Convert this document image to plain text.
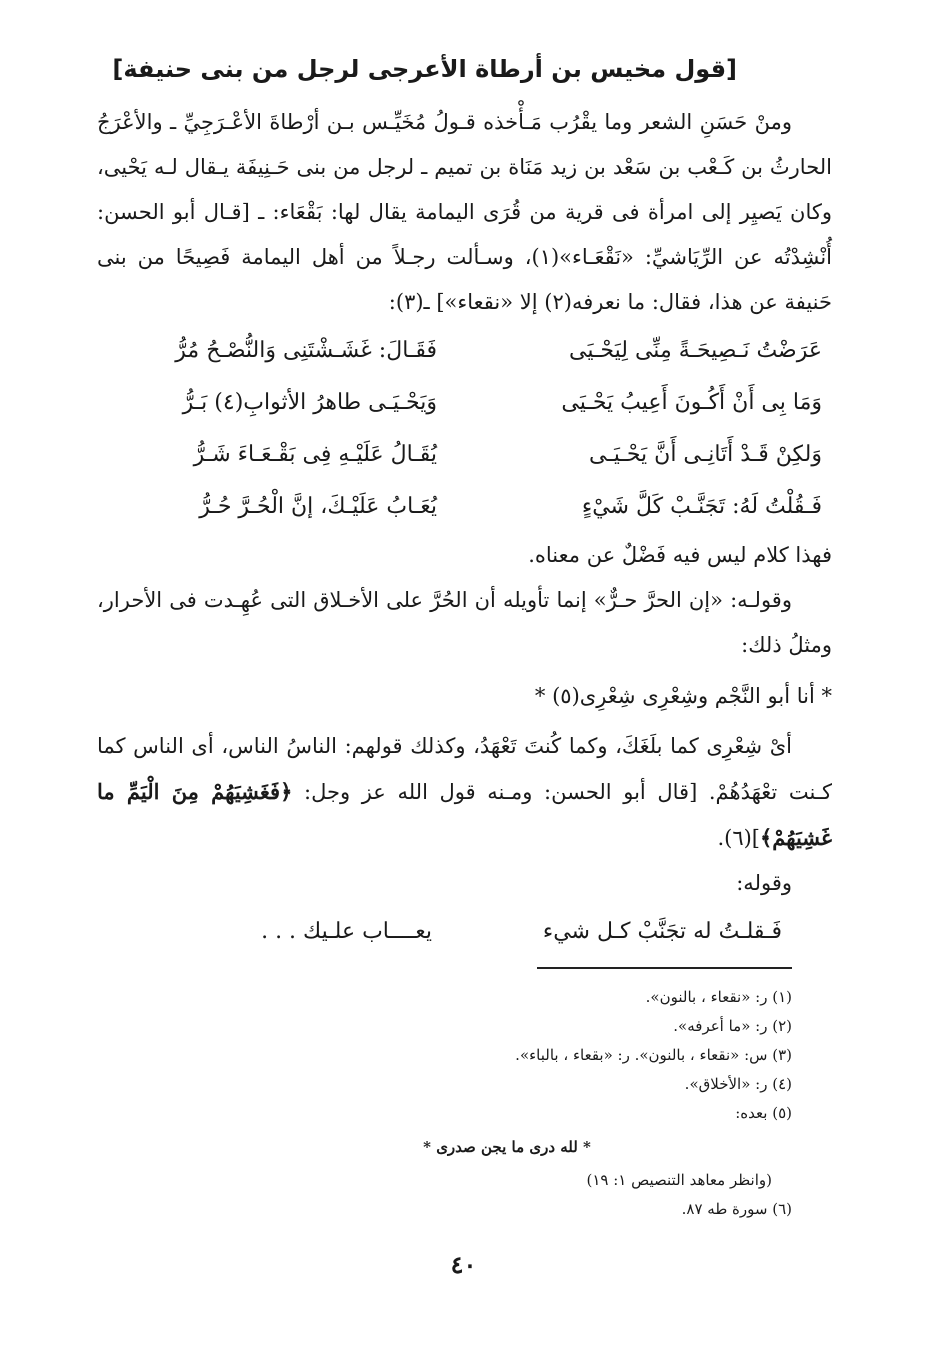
[قول مخيس بن أرطاة الأعرجى لرجل من بنى حنيفة]

ومنْ حَسَنِ الشعر وما يقْرُب مَـأْخذه قـولُ مُخَيِّـس بـن أرْطاةَ الأعْـرَجِيِّ ـ والأعْرَجُ الحارثُ بن كَـعْب بن سَعْد بن زيد مَنَاة بن تميم ـ لرجل من بنى حَـنِيفَة يـقال لـه يَحْيى، وكان يَصيِر إلى امرأة فى قرية من قُرَى اليمامة يقال لها: بَقْعَاء: ـ [قـال أبو الحسن: أُنْشِدْتُه عن الرِّيَاشيِّ: «نَقْعَـاء»(١)، وسـألت رجـلاً من أهل اليمامة فَصِيحًا من بنى حَنيفة عن هذا، فقال: ما نعرفه(٢) إلا «نقعاء»] ـ(٣):

عَرَضْتُ نَـصِيحَـةً مِنِّى لِيَحْـيَى
فَقَـالَ: غَشَـشْتَنِى وَالنُّصْـحُ مُرُّ
وَمَا بِى أَنْ أَكُـونَ أَعِيبُ يَحْـيَى
وَيَحْـيَـى طاهرُ الأثوابِ(٤) بَـرُّ
وَلكِنْ قَـدْ أَتَانِـى أَنَّ يَحْـيَـى
يُقَـالُ عَلَيْـهِ فِى بَقْـعَـاءَ شَـرُّ
فَـقُلْتُ لَهُ: تَجَنَّـبْ كَلَّ شَيْءٍ
يُعَـابُ عَلَيْـكَ، إنَّ الْحُـرَّ حُـرُّ

فهذا كلام ليس فيه فَضْلٌ عن معناه.

وقولـه: «إن الحرَّ حـرٌّ» إنما تأويله أن الحُرَّ على الأخـلاق التى عُهِـدت فى الأحرار، ومثلُ ذلك:

* أنا أبو النَّجْم وشِعْرِى شِعْرِى(٥) *

أىْ شِعْرِى كما بلَغَكَ، وكما كُنتَ تَعْهَدُ، وكذلك قولهم: الناسُ الناس، أى الناس كما كـنت تعْهَدُهُمْ. [قال أبو الحسن: ومـنه قول الله عز وجل: ﴿فَغَشِيَهُمْ مِنَ الْيَمِّ ما غَشِيَهُمْ﴾](٦).

وقوله:

فَـقلـتُ له تجَنَّبْ كـل شيء
يعــــاب علـيك . . .

(١) ر: «نقعاء ، بالنون».

(٢) ر: «ما أعرفه».

(٣) س: «نقعاء ، بالنون». ر: «بقعاء ، بالباء».

(٤) ر: «الأخلاق».

(٥) بعده:

* لله درى ما يجن صدرى *

(وانظر معاهد التنصيص ١: ١٩)

(٦) سورة طه ٨٧.

٤٠
